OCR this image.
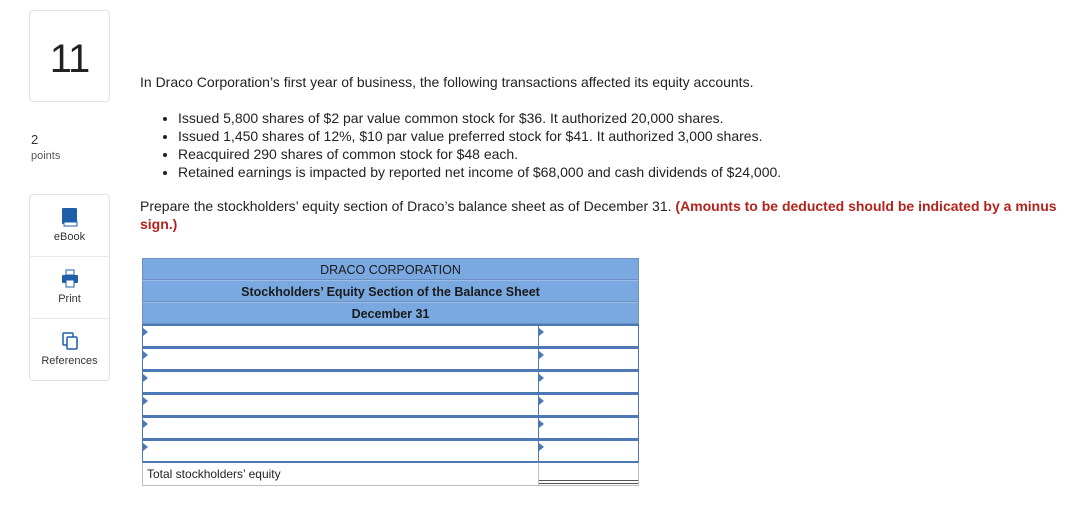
11
2
points
eBook
Print
References
In Draco Corporation’s first year of business, the following transactions affected its equity accounts.
• Issued 5,800 shares of $2 par value common stock for $36. It authorized 20,000 shares.
• Issued 1,450 shares of 12%, $10 par value preferred stock for $41. It authorized 3,000 shares.
• Reacquired 290 shares of common stock for $48 each.
• Retained earnings is impacted by reported net income of $68,000 and cash dividends of $24,000.
Prepare the stockholders’ equity section of Draco’s balance sheet as of December 31. (Amounts to be deducted should be indicated by a minus sign.)
DRACO CORPORATION
Stockholders’ Equity Section of the Balance Sheet
December 31
Total stockholders’ equity
